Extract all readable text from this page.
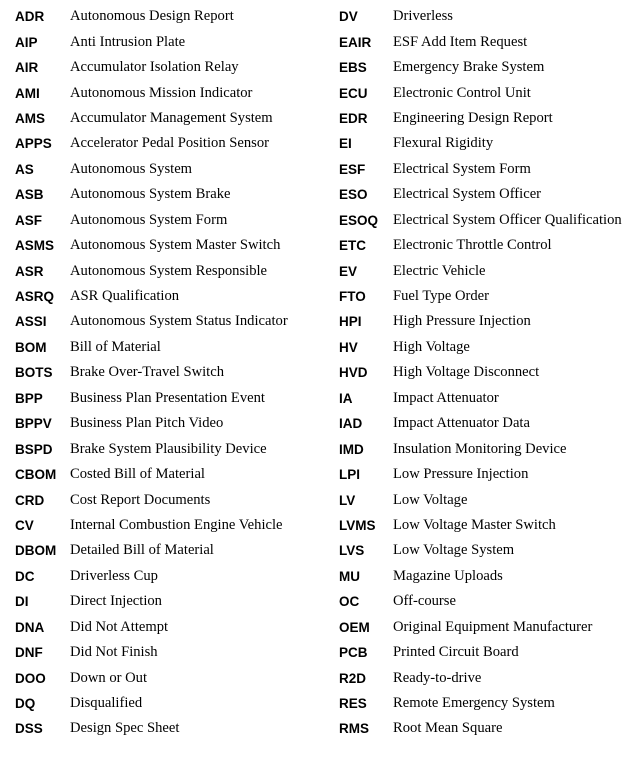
ADR	Autonomous Design Report
AIP	Anti Intrusion Plate
AIR	Accumulator Isolation Relay
AMI	Autonomous Mission Indicator
AMS	Accumulator Management System
APPS	Accelerator Pedal Position Sensor
AS	Autonomous System
ASB	Autonomous System Brake
ASF	Autonomous System Form
ASMS	Autonomous System Master Switch
ASR	Autonomous System Responsible
ASRQ	ASR Qualification
ASSI	Autonomous System Status Indicator
BOM	Bill of Material
BOTS	Brake Over-Travel Switch
BPP	Business Plan Presentation Event
BPPV	Business Plan Pitch Video
BSPD	Brake System Plausibility Device
CBOM Costed Bill of Material
CRD	Cost Report Documents
CV	Internal Combustion Engine Vehicle
DBOM Detailed Bill of Material
DC	Driverless Cup
DI	Direct Injection
DNA	Did Not Attempt
DNF	Did Not Finish
DOO	Down or Out
DQ	Disqualified
DSS	Design Spec Sheet
DV	Driverless
EAIR	ESF Add Item Request
EBS	Emergency Brake System
ECU	Electronic Control Unit
EDR	Engineering Design Report
EI	Flexural Rigidity
ESF	Electrical System Form
ESO	Electrical System Officer
ESOQ	Electrical System Officer Qualification
ETC	Electronic Throttle Control
EV	Electric Vehicle
FTO	Fuel Type Order
HPI	High Pressure Injection
HV	High Voltage
HVD	High Voltage Disconnect
IA	Impact Attenuator
IAD	Impact Attenuator Data
IMD	Insulation Monitoring Device
LPI	Low Pressure Injection
LV	Low Voltage
LVMS	Low Voltage Master Switch
LVS	Low Voltage System
MU	Magazine Uploads
OC	Off-course
OEM	Original Equipment Manufacturer
PCB	Printed Circuit Board
R2D	Ready-to-drive
RES	Remote Emergency System
RMS	Root Mean Square
